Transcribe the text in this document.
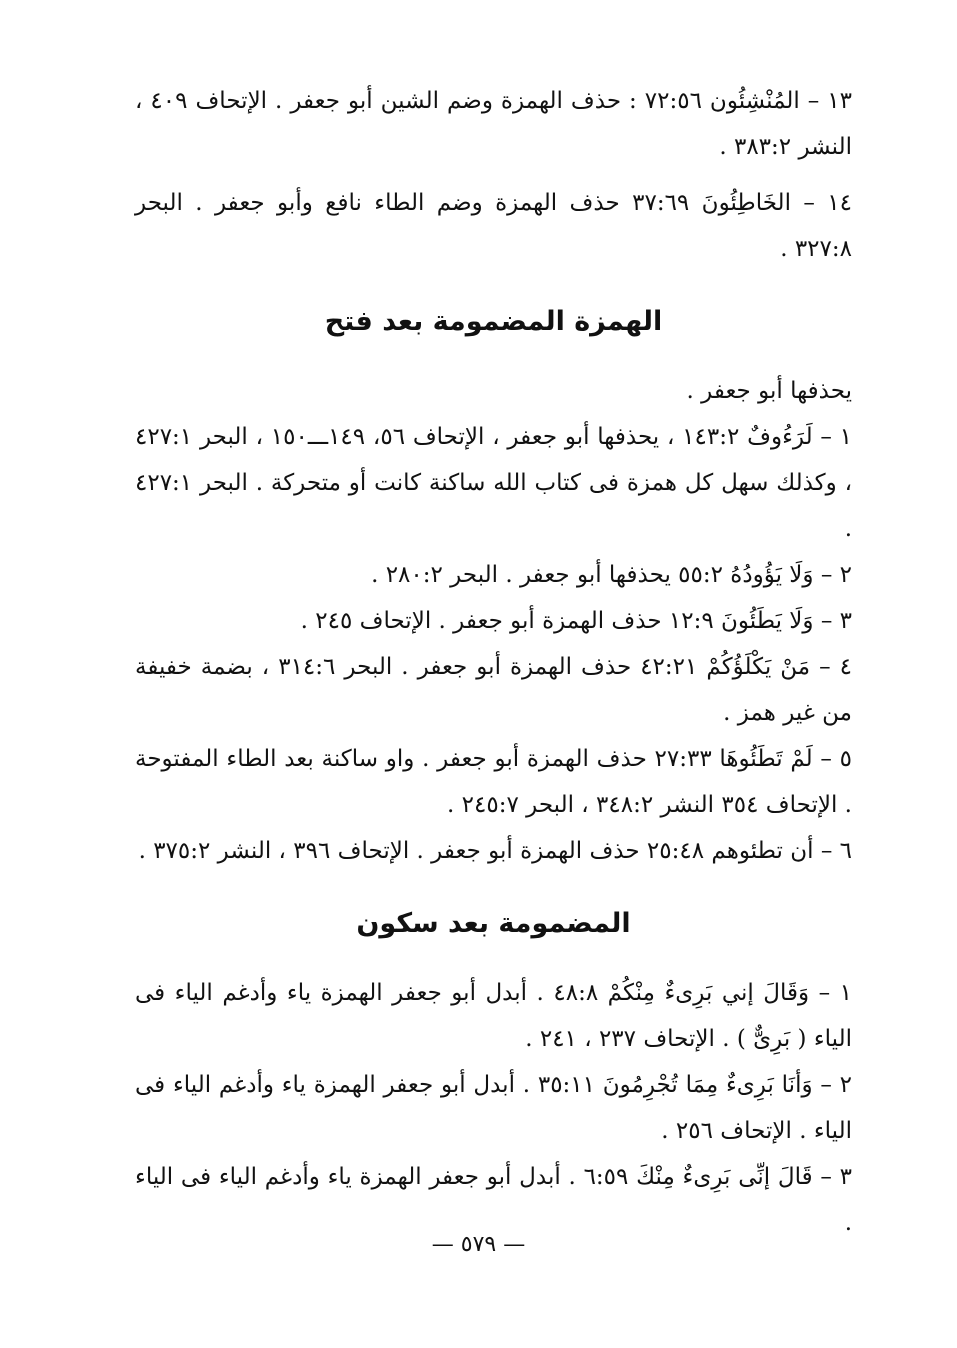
١٣ – المُنْشِئُون ٧٢:٥٦ : حذف الهمزة وضم الشين أبو جعفر . الإتحاف ٤٠٩ ، النشر ٣٨٣:٢ .

١٤ – الخَاطِئُونَ ٣٧:٦٩ حذف الهمزة وضم الطاء نافع وأبو جعفر . البحر ٣٢٧:٨ .

الهمزة المضمومة بعد فتح

يحذفها أبو جعفر .

١ – لَرَءُوفٌ ١٤٣:٢ ، يحذفها أبو جعفر ، الإتحاف ٥٦، ١٤٩ـــ١٥٠ ، البحر ٤٢٧:١ ، وكذلك سهل كل همزة فى كتاب الله ساكنة كانت أو متحركة . البحر ٤٢٧:١ .

٢ – وَلَا يَؤُودُهُ ٥٥:٢ يحذفها أبو جعفر . البحر ٢٨٠:٢ .

٣ – وَلَا يَطَئُونَ ١٢:٩ حذف الهمزة أبو جعفر . الإتحاف ٢٤٥ .

٤ – مَنْ يَكْلَؤُكُمْ ٤٢:٢١ حذف الهمزة أبو جعفر . البحر ٣١٤:٦ ، بضمة خفيفة من غير همز .

٥ – لَمْ تَطَئُوهَا ٢٧:٣٣ حذف الهمزة أبو جعفر . واو ساكنة بعد الطاء المفتوحة . الإتحاف ٣٥٤ النشر ٣٤٨:٢ ، البحر ٢٤٥:٧ .

٦ – أن تطئوهم ٢٥:٤٨ حذف الهمزة أبو جعفر . الإتحاف ٣٩٦ ، النشر ٣٧٥:٢ .

المضمومة بعد سكون

١ – وَقَالَ إني بَرِىءٌ مِنْكُمْ ٤٨:٨ . أبدل أبو جعفر الهمزة ياء وأدغم الياء فى الياء ( بَرِىٌّ ) . الإتحاف ٢٣٧ ، ٢٤١ .

٢ – وَأنَا بَرِىءٌ مِمَا تُجْرِمُونَ ٣٥:١١ . أبدل أبو جعفر الهمزة ياء وأدغم الياء فى الياء . الإتحاف ٢٥٦ .

٣ – قَالَ إنِّى بَرِىءٌ مِنْكَ ٦:٥٩ . أبدل أبو جعفر الهمزة ياء وأدغم الياء فى الياء .

— ٥٧٩ —
